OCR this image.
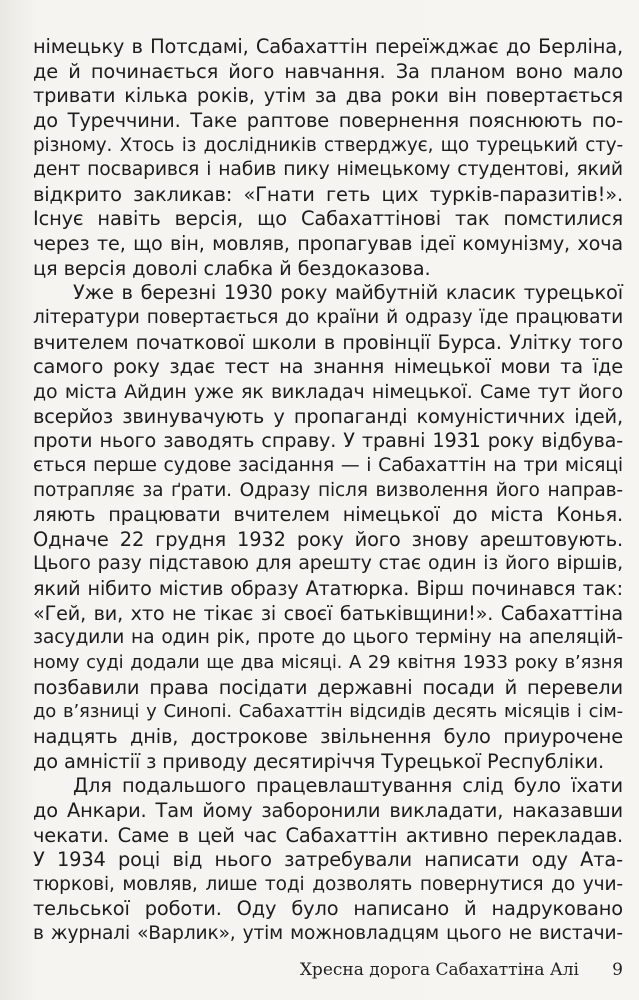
німецьку в Потсдамі, Сабахаттін переїжджає до Берліна,
де й починається його навчання. За планом воно мало
тривати кілька років, утім за два роки він повертається
до Туреччини. Таке раптове повернення пояснюють по-
різному. Хтось із дослідників стверджує, що турецький сту-
дент посварився і набив пику німецькому студентові, який
відкрито закликав: «Гнати геть цих турків-паразитів!».
Існує навіть версія, що Сабахаттінові так помстилися
через те, що він, мовляв, пропагував ідеї комунізму, хоча
ця версія доволі слабка й бездоказова.
Уже в березні 1930 року майбутній класик турецької
літератури повертається до країни й одразу їде працювати
вчителем початкової школи в провінції Бурса. Улітку того
самого року здає тест на знання німецької мови та їде
до міста Айдин уже як викладач німецької. Саме тут його
всерйоз звинувачують у пропаганді комуністичних ідей,
проти нього заводять справу. У травні 1931 року відбува-
ється перше судове засідання — і Сабахаттін на три місяці
потрапляє за ґрати. Одразу після визволення його направ-
ляють працювати вчителем німецької до міста Конья.
Одначе 22 грудня 1932 року його знову арештовують.
Цього разу підставою для арешту стає один із його віршів,
який нібито містив образу Ататюрка. Вірш починався так:
«Гей, ви, хто не тікає зі своєї батьківщини!». Сабахаттіна
засудили на один рік, проте до цього терміну на апеляцій-
ному суді додали ще два місяці. А 29 квітня 1933 року в’язня
позбавили права посідати державні посади й перевели
до в’язниці у Синопі. Сабахаттін відсидів десять місяців і сім-
надцять днів, дострокове звільнення було приурочене
до амністії з приводу десятиріччя Турецької Республіки.
Для подальшого працевлаштування слід було їхати
до Анкари. Там йому заборонили викладати, наказавши
чекати. Саме в цей час Сабахаттін активно перекладав.
У 1934 році від нього затребували написати оду Ата-
тюркові, мовляв, лише тоді дозволять повернутися до учи-
тельської роботи. Оду було написано й надруковано
в журналі «Варлик», утім можновладцям цього не вистачи-
Хресна дорога Сабахаттіна Алі 9
